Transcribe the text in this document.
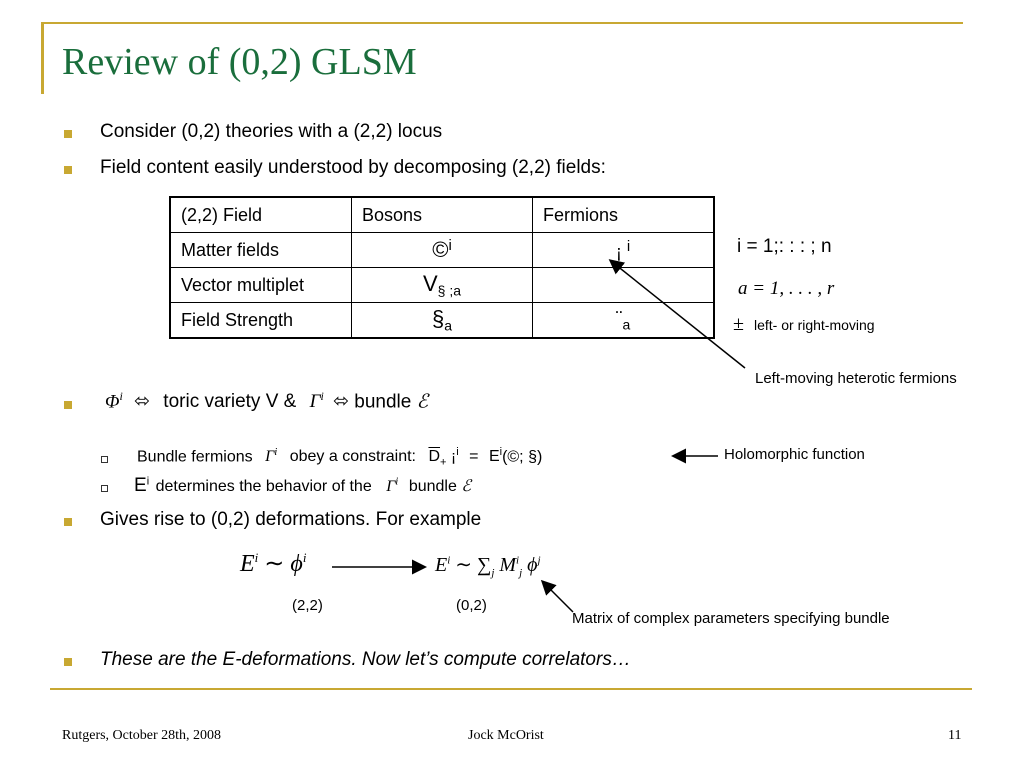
Review of (0,2) GLSM
Consider (0,2) theories with a (2,2) locus
Field content easily understood by decomposing (2,2) fields:
(2,2) Field	Bosons	Fermions
Matter fields	©$^i$	¡ $^i$
Vector multiplet	$V_{\S ;a}$	
Field Strength	$\S_a$	$¨_a$
i = 1;: : : ; n
a = 1, . . . , r
± left- or right-moving
Left-moving heterotic fermions
$\Phi^i$ ⬄ toric variety V & $\Gamma^i$ ⬄ bundle ℰ
Bundle fermions $\Gamma^i$ obey a constraint: $\overline{D}_+$ ¡$^i = E^i(©$; §)	Holomorphic function
$E^i$ determines the behavior of the $\Gamma^i$ bundle ℰ
Gives rise to (0,2) deformations. For example
$E^i$ ∼ $\phi^i$	$E^i$ ∼ $\sum_j$ $M^i_j$ $\phi^j$
(2,2)	(0,2)
Matrix of complex parameters specifying bundle
These are the E-deformations. Now let’s compute correlators…
Rutgers, October 28th, 2008	Jock McOrist	11
